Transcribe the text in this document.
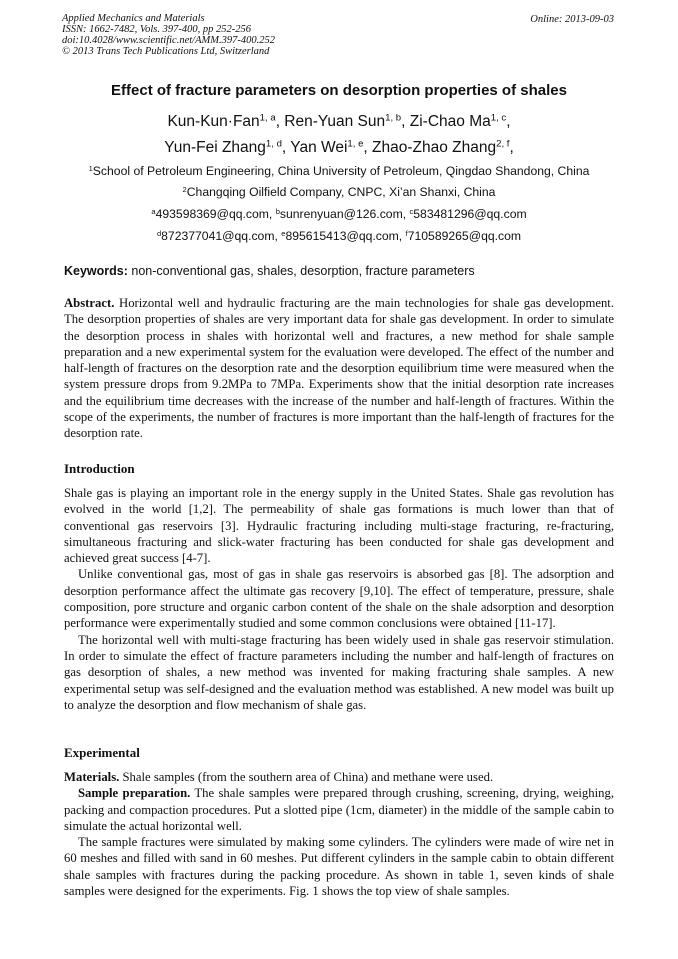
Applied Mechanics and Materials
ISSN: 1662-7482, Vols. 397-400, pp 252-256
doi:10.4028/www.scientific.net/AMM.397-400.252
© 2013 Trans Tech Publications Ltd, Switzerland
Online: 2013-09-03
Effect of fracture parameters on desorption properties of shales
Kun-Kun·Fan$^{1, a}$, Ren-Yuan Sun$^{1, b}$, Zi-Chao Ma$^{1, c}$,
Yun-Fei Zhang$^{1, d}$, Yan Wei$^{1, e}$, Zhao-Zhao Zhang$^{2, f}$,
$^1$School of Petroleum Engineering, China University of Petroleum, Qingdao Shandong, China
$^2$Changqing Oilfield Company, CNPC, Xi’an Shanxi, China
$^a$493598369@qq.com, $^b$sunrenyuan@126.com, $^c$583481296@qq.com
$^d$872377041@qq.com, $^e$895615413@qq.com, $^f$710589265@qq.com
Keywords: non-conventional gas, shales, desorption, fracture parameters

Abstract. Horizontal well and hydraulic fracturing are the main technologies for shale gas development. The desorption properties of shales are very important data for shale gas development. In order to simulate the desorption process in shales with horizontal well and fractures, a new method for shale sample preparation and a new experimental system for the evaluation were developed. The effect of the number and half-length of fractures on the desorption rate and the desorption equilibrium time were measured when the system pressure drops from 9.2MPa to 7MPa. Experiments show that the initial desorption rate increases and the equilibrium time decreases with the increase of the number and half-length of fractures. Within the scope of the experiments, the number of fractures is more important than the half-length of fractures for the desorption rate.

Introduction

Shale gas is playing an important role in the energy supply in the United States. Shale gas revolution has evolved in the world [1,2]. The permeability of shale gas formations is much lower than that of conventional gas reservoirs [3]. Hydraulic fracturing including multi-stage fracturing, re-fracturing, simultaneous fracturing and slick-water fracturing has been conducted for shale gas development and achieved great success [4-7].

Unlike conventional gas, most of gas in shale gas reservoirs is absorbed gas [8]. The adsorption and desorption performance affect the ultimate gas recovery [9,10]. The effect of temperature, pressure, shale composition, pore structure and organic carbon content of the shale on the shale adsorption and desorption performance were experimentally studied and some common conclusions were obtained [11-17].

The horizontal well with multi-stage fracturing has been widely used in shale gas reservoir stimulation. In order to simulate the effect of fracture parameters including the number and half-length of fractures on gas desorption of shales, a new method was invented for making fracturing shale samples. A new experimental setup was self-designed and the evaluation method was established. A new model was built up to analyze the desorption and flow mechanism of shale gas.

Experimental

Materials. Shale samples (from the southern area of China) and methane were used.

Sample preparation. The shale samples were prepared through crushing, screening, drying, weighing, packing and compaction procedures. Put a slotted pipe (1cm, diameter) in the middle of the sample cabin to simulate the actual horizontal well.

The sample fractures were simulated by making some cylinders. The cylinders were made of wire net in 60 meshes and filled with sand in 60 meshes. Put different cylinders in the sample cabin to obtain different shale samples with fractures during the packing procedure. As shown in table 1, seven kinds of shale samples were designed for the experiments. Fig. 1 shows the top view of shale samples.
